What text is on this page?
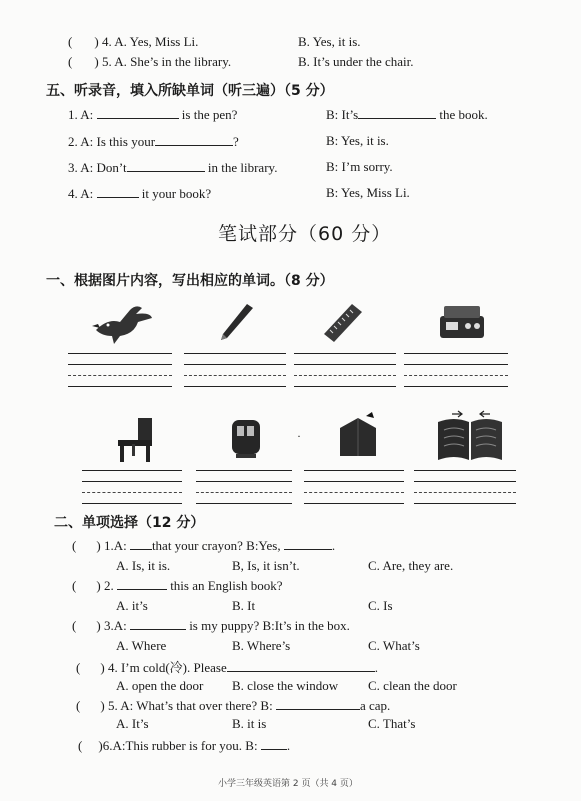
( ) 4. A. Yes, Miss Li.	B. Yes, it is.
( ) 5. A. She’s in the library.	B. It’s under the chair.
五、听录音，填入所缺单词（听三遍）（5 分）
1. A:	is the pen?	B: It’s	the book.
2. A: Is this your	?	B: Yes, it is.
3. A: Don’t	in the library.	B: I’m sorry.
4. A:	it your book?	B: Yes, Miss Li.
笔试部分（60 分）
一、根据图片内容，写出相应的单词。（8 分）
·
二、单项选择（12 分）
( ) 1.A: that your crayon? B:Yes,	.
A. Is, it is.	B, Is, it isn’t.	C. Are, they are.
( ) 2.	this an English book?
A. it’s	B. It	C. Is
( ) 3.A:	is my puppy? B:It’s in the box.
A. Where	B. Where’s	C. What’s
( ) 4. I’m cold(冷). Please	.
A. open the door B. close the window C. clean the door
( ) 5. A: What’s that over there? B:	a cap.
A. It’s	B. it is	C. That’s
( )6.A:This rubber is for you. B: .
小学三年级英语第 2 页（共 4 页）
